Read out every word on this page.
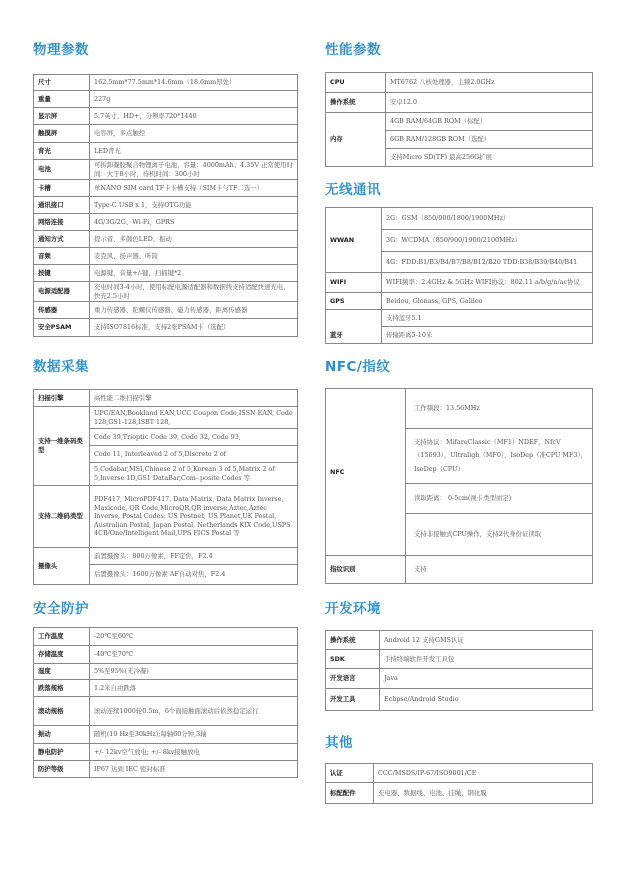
物理参数
尺寸	162.5mm*77.5mm*14.6mm（18.6mm厚处）
重量	227g
显示屏	5.7英寸，HD+，分辨率720*1440
触摸屏	电容屏，多点触控
背光	LED背光
电池	可拆卸凝胶聚合物锂离子电池，容量：4000mAh；4.35V 正常使用时间：大于8小时，待机时间：300小时
卡槽	单NANO SIM card TF卡卡槽支持（SIM卡与TF二选一）
通讯接口	Type-C USB x 1，支持OTG功能
网络连接	4G/3G/2G、Wi-Fi、GPRS
通知方式	提示音、多颜色LED、振动
音频	麦克风、扬声器、听筒
按键	电源键，音量+/-键，扫描键*2
电源适配器	充电时间3-4小时，使用标配电源适配器和数据线支持适配快速充电，快充2.5小时
传感器	重力传感器、陀螺仪传感器、磁力传感器、距离传感器
安全PSAM	支持ISO7816标准，支持2张PSAM卡（选配）
数据采集
扫描引擎	高性能二维扫描引擎
支持一维条码类型	UPC/EAN,Bookland EAN,UCC Coupon Code,ISSN EAN, Code 128,GS1-128,ISBT 128,
	Code 39,Trioptic Code 39, Code 32, Code 93,
	Code 11, Interleaved 2 of 5,Discrete 2 of
	5,Codabar,MSI,Chinese 2 of 5,Korean 3 of 5,Matrix 2 of 5,Inverse 1D,GS1 DataBar,Com- posite Codes 等
支持二维码类型	PDF417, MicroPDF417, Data Matrix, Data Matrix Inverse, Maxicode, QR Code,MicroQR,QR inverse,Aztec,Aztec Inverse, Postal Codes: US Postnet, US Planet,UK Postal, Australian Postal, Japan Postal, Netherlands KIX Code,USPS 4CB/One/Intelligent Mail,UPS FICS Postal 等
摄像头	前置摄像头：800万像素，FF定焦，F2.4
	后置摄像头：1600万像素 AF自动对焦，F2.4
安全防护
工作温度	-20℃至60℃
存储温度	-40℃至70℃
湿度	5%至95%(无冷凝)
跌落规格	1.2米自由跌落
滚动规格	滚动连续1000轮0.5m，6个面接触面滚动后依然稳定运行
振动	随机(10 Hz至30kHz);每轴60分钟,3轴
静电防护	+/- 12kv空气放电; +/- 8kv接触放电
防护等级	IP67 达到 IEC 密封标准
性能参数
CPU	MT6762 八核处理器，主频2.0GHz
操作系统	安卓12.0
内存	4GB RAM/64GB ROM（标配）
	6GB RAM/128GB ROM（选配）
	支持Micro SD(TF) 最高256G扩展
无线通讯
WWAN	2G：GSM（850/900/1800/1900MHz）
	3G：WCDMA（850/900/1900/2100MHz）
	4G：FDD:B1/B3/B4/B7/B8/B12/B20 TDD:B38/B39/B40/B41
WIFI	WIFI频率：2.4GHz & 5GHz WIFI协议：802.11 a/b/g/n/ac协议
GPS	Beidou, Glonass, GPS, Galileo
蓝牙	支持蓝牙5.1
	传输距离5-10米
NFC/指纹
NFC	工作频段：13.56MHz
	支持协议：MifareClassic（MF1）NDEF，NfcV（15693），Ultraligh（MF0），IsoDep（准CPU MF3），IsoDep（CPU）
	读取距离： 0-5cm(视卡类型而定)
	支持非接触式CPU操作，支持2代身份证读取
指纹识别	支持
开发环境
操作系统	Android 12 支持GMS认证
SDK	手持终端软件开发工具包
开发语言	Java
开发工具	Eclipse/Android Studio
其他
认证	CCC/MSDS/IP-67/ISO9001/CE
标配配件	充电器、数据线、电池、挂绳、钢化膜
